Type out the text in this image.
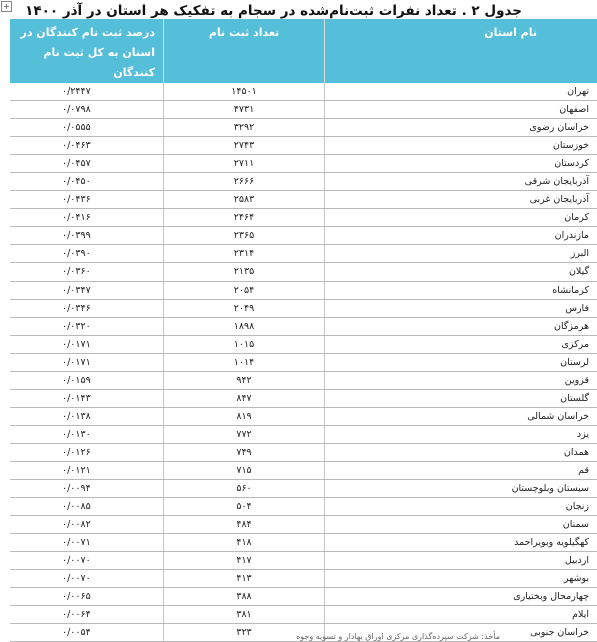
+ جدول ۲ . تعداد نفرات ثبت‌نام‌شده در سجام به تفکیک هر استان در آذر ۱۴۰۰
نام استان	تعداد ثبت نام	درصد ثبت نام کنندگان در استان به کل ثبت نام کنندگان
تهران	۱۴۵۰۱	۰/۲۴۴۷
اصفهان	۴۷۳۱	۰/۰۷۹۸
خراسان رضوی	۳۲۹۲	۰/۰۵۵۵
خوزستان	۲۷۴۳	۰/۰۴۶۳
کردستان	۲۷۱۱	۰/۰۴۵۷
آذربایجان شرقی	۲۶۶۶	۰/۰۴۵۰
آذربایجان غربی	۲۵۸۳	۰/۰۴۳۶
کرمان	۲۴۶۴	۰/۰۴۱۶
مازندران	۲۳۶۵	۰/۰۳۹۹
البرز	۲۳۱۴	۰/۰۳۹۰
گیلان	۲۱۳۵	۰/۰۳۶۰
کرمانشاه	۲۰۵۴	۰/۰۳۴۷
فارس	۲۰۴۹	۰/۰۳۴۶
هرمزگان	۱۸۹۸	۰/۰۳۲۰
مرکزی	۱۰۱۵	۰/۰۱۷۱
لرستان	۱۰۱۴	۰/۰۱۷۱
قزوین	۹۴۲	۰/۰۱۵۹
گلستان	۸۴۷	۰/۰۱۴۳
خراسان شمالی	۸۱۹	۰/۰۱۳۸
یزد	۷۷۲	۰/۰۱۳۰
همدان	۷۴۹	۰/۰۱۲۶
قم	۷۱۵	۰/۰۱۲۱
سیستان وبلوچستان	۵۶۰	۰/۰۰۹۴
زنجان	۵۰۴	۰/۰۰۸۵
سمنان	۴۸۴	۰/۰۰۸۲
کهگیلویه وبویراحمد	۴۱۸	۰/۰۰۷۱
اردبیل	۴۱۷	۰/۰۰۷۰
بوشهر	۴۱۳	۰/۰۰۷۰
چهارمحال وبختیاری	۳۸۸	۰/۰۰۶۵
ایلام	۳۸۱	۰/۰۰۶۴
خراسان جنوبی	۳۲۳	۰/۰۰۵۴	مأخذ: شرکت سپرده‌گذاری مرکزی اوراق بهادار و تسویه وجوه
